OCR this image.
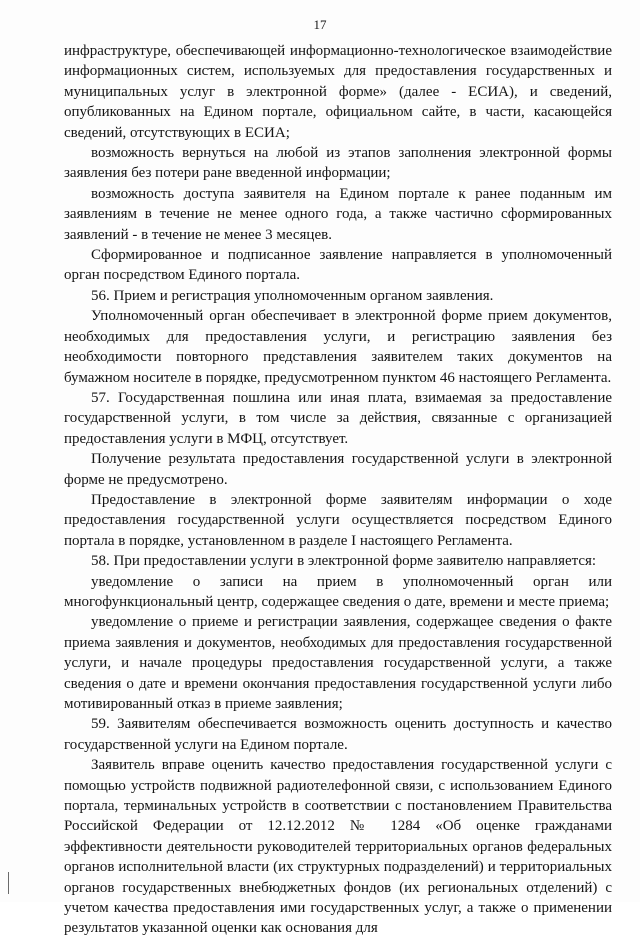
17

инфраструктуре, обеспечивающей информационно-технологическое взаимодействие информационных систем, используемых для предоставления государственных и муниципальных услуг в электронной форме» (далее - ЕСИА), и сведений, опубликованных на Едином портале, официальном сайте, в части, касающейся сведений, отсутствующих в ЕСИА;

возможность вернуться на любой из этапов заполнения электронной формы заявления без потери ране введенной информации;

возможность доступа заявителя на Едином портале к ранее поданным им заявлениям в течение не менее одного года, а также частично сформированных заявлений - в течение не менее 3 месяцев.

Сформированное и подписанное заявление направляется в уполномоченный орган посредством Единого портала.

56. Прием и регистрация уполномоченным органом заявления.

Уполномоченный орган обеспечивает в электронной форме прием документов, необходимых для предоставления услуги, и регистрацию заявления без необходимости повторного представления заявителем таких документов на бумажном носителе в порядке, предусмотренном пунктом 46 настоящего Регламента.

57. Государственная пошлина или иная плата, взимаемая за предоставление государственной услуги, в том числе за действия, связанные с организацией предоставления услуги в МФЦ, отсутствует.

Получение результата предоставления государственной услуги в электронной форме не предусмотрено.

Предоставление в электронной форме заявителям информации о ходе предоставления государственной услуги осуществляется посредством Единого портала в порядке, установленном в разделе I настоящего Регламента.

58. При предоставлении услуги в электронной форме заявителю направляется:

уведомление о записи на прием в уполномоченный орган или многофункциональный центр, содержащее сведения о дате, времени и месте приема;

уведомление о приеме и регистрации заявления, содержащее сведения о факте приема заявления и документов, необходимых для предоставления государственной услуги, и начале процедуры предоставления государственной услуги, а также сведения о дате и времени окончания предоставления государственной услуги либо мотивированный отказ в приеме заявления;

59. Заявителям обеспечивается возможность оценить доступность и качество государственной услуги на Едином портале.

Заявитель вправе оценить качество предоставления государственной услуги с помощью устройств подвижной радиотелефонной связи, с использованием Единого портала, терминальных устройств в соответствии с постановлением Правительства Российской Федерации от 12.12.2012 № 1284 «Об оценке гражданами эффективности деятельности руководителей территориальных органов федеральных органов исполнительной власти (их структурных подразделений) и территориальных органов государственных внебюджетных фондов (их региональных отделений) с учетом качества предоставления ими государственных услуг, а также о применении результатов указанной оценки как основания для
